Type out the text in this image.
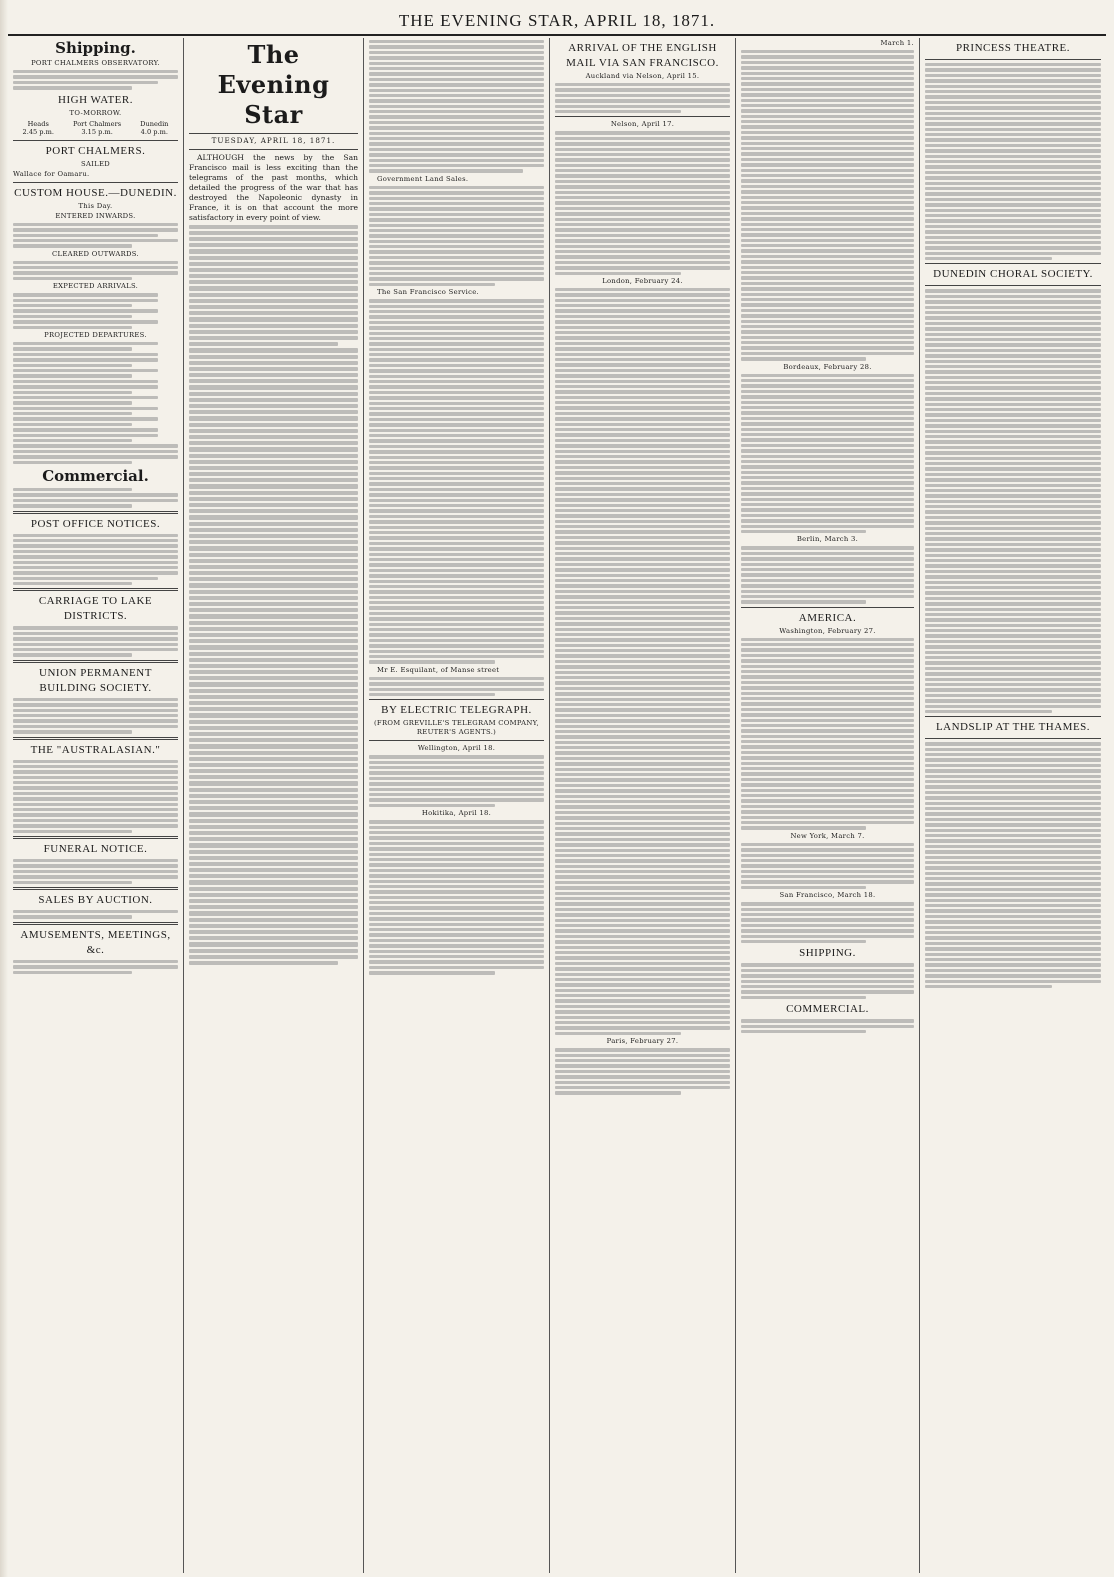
THE EVENING STAR, APRIL 18, 1871.
Shipping.
PORT CHALMERS OBSERVATORY.
HIGH WATER.
TO-MORROW.
Heads
2.45 p.m.
Port Chalmers
3.15 p.m.
Dunedin
4.0 p.m.
PORT CHALMERS.
SAILED
Wallace for Oamaru.
CUSTOM HOUSE.—DUNEDIN.
This Day.
ENTERED INWARDS.
CLEARED OUTWARDS.
EXPECTED ARRIVALS.
PROJECTED DEPARTURES.
Commercial.
POST OFFICE NOTICES.
CARRIAGE TO LAKE DISTRICTS.
UNION PERMANENT BUILDING SOCIETY.
THE "AUSTRALASIAN."
FUNERAL NOTICE.
SALES BY AUCTION.
AMUSEMENTS, MEETINGS, &c.
The Evening Star
TUESDAY, APRIL 18, 1871.

ALTHOUGH the news by the San Francisco mail is less exciting than the telegrams of the past months, which detailed the progress of the war that has destroyed the Napoleonic dynasty in France, it is on that account the more satisfactory in every point of view.

Government Land Sales.
The San Francisco Service.
Mr E. Esquilant, of Manse street
BY ELECTRIC TELEGRAPH.
(FROM GREVILLE'S TELEGRAM COMPANY, REUTER'S AGENTS.)
Wellington, April 18.
Hokitika, April 18.
ARRIVAL OF THE ENGLISH MAIL VIA SAN FRANCISCO.
Auckland via Nelson, April 15.
Nelson, April 17.
London, February 24.
Paris, February 27.
March 1.
Bordeaux, February 28.
Berlin, March 3.
AMERICA.
Washington, February 27.
New York, March 7.
San Francisco, March 18.
SHIPPING.
COMMERCIAL.
PRINCESS THEATRE.
DUNEDIN CHORAL SOCIETY.
LANDSLIP AT THE THAMES.
